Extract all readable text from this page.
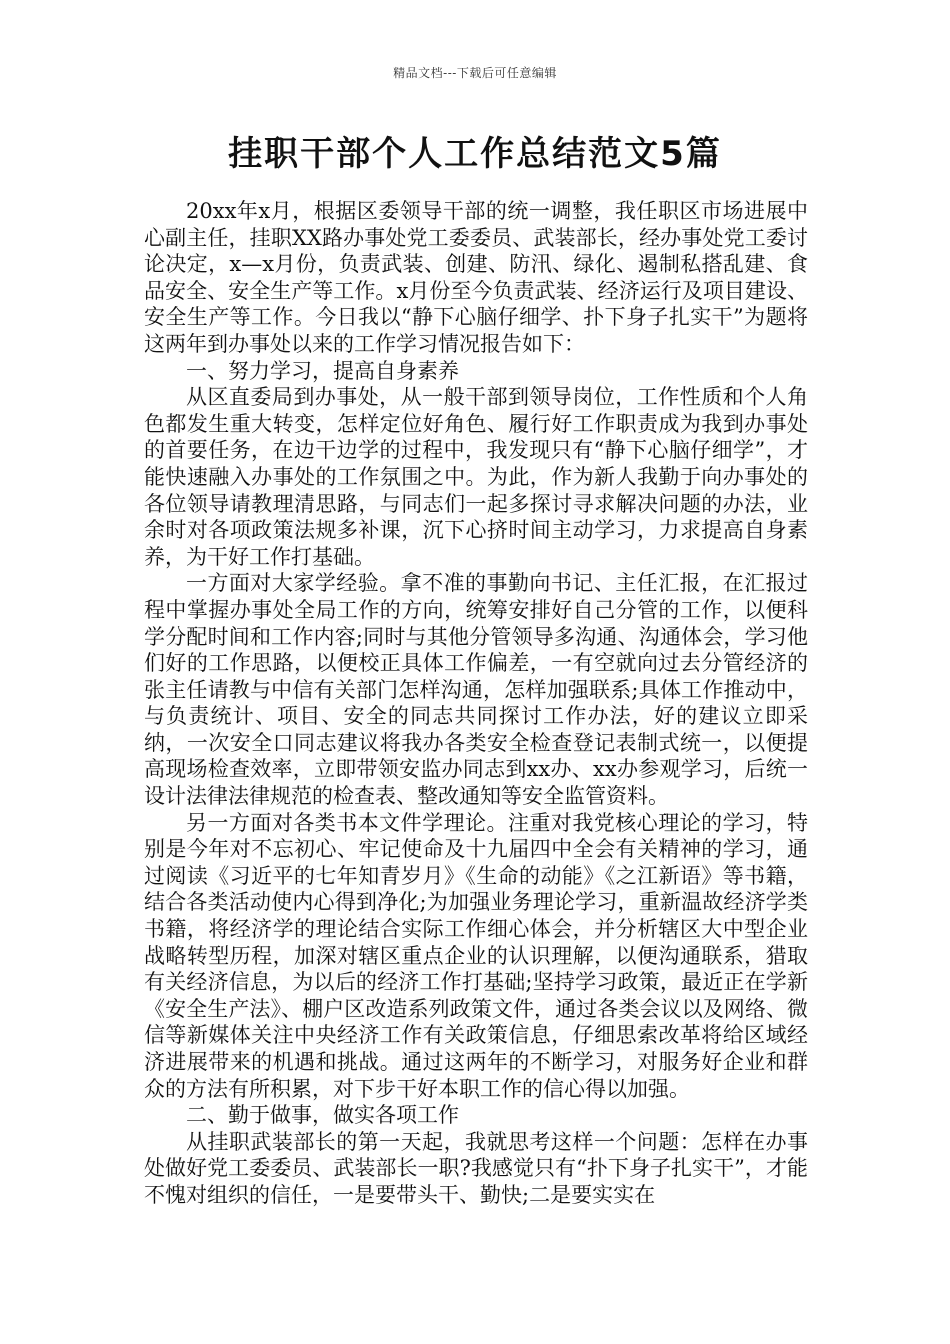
精品文档---下载后可任意编辑
挂职干部个人工作总结范文5篇

20xx年x月，根据区委领导干部的统一调整，我任职区市场进展中心副主任，挂职XX路办事处党工委委员、武装部长，经办事处党工委讨论决定，x—x月份，负责武装、创建、防汛、绿化、遏制私搭乱建、食品安全、安全生产等工作。x月份至今负责武装、经济运行及项目建设、安全生产等工作。今日我以“静下心脑仔细学、扑下身子扎实干”为题将这两年到办事处以来的工作学习情况报告如下：

一、努力学习，提高自身素养

从区直委局到办事处，从一般干部到领导岗位，工作性质和个人角色都发生重大转变，怎样定位好角色、履行好工作职责成为我到办事处的首要任务，在边干边学的过程中，我发现只有“静下心脑仔细学”，才能快速融入办事处的工作氛围之中。为此，作为新人我勤于向办事处的各位领导请教理清思路，与同志们一起多探讨寻求解决问题的办法，业余时对各项政策法规多补课，沉下心挤时间主动学习，力求提高自身素养，为干好工作打基础。

一方面对大家学经验。拿不准的事勤向书记、主任汇报，在汇报过程中掌握办事处全局工作的方向，统筹安排好自己分管的工作，以便科学分配时间和工作内容;同时与其他分管领导多沟通、沟通体会，学习他们好的工作思路，以便校正具体工作偏差，一有空就向过去分管经济的张主任请教与中信有关部门怎样沟通，怎样加强联系;具体工作推动中，与负责统计、项目、安全的同志共同探讨工作办法，好的建议立即采纳，一次安全口同志建议将我办各类安全检查登记表制式统一，以便提高现场检查效率，立即带领安监办同志到xx办、xx办参观学习，后统一设计法律法律规范的检查表、整改通知等安全监管资料。

另一方面对各类书本文件学理论。注重对我党核心理论的学习，特别是今年对不忘初心、牢记使命及十九届四中全会有关精神的学习，通过阅读《习近平的七年知青岁月》《生命的动能》《之江新语》等书籍，结合各类活动使内心得到净化;为加强业务理论学习，重新温故经济学类书籍，将经济学的理论结合实际工作细心体会，并分析辖区大中型企业战略转型历程，加深对辖区重点企业的认识理解，以便沟通联系，猎取有关经济信息，为以后的经济工作打基础;坚持学习政策，最近正在学新《安全生产法》、棚户区改造系列政策文件，通过各类会议以及网络、微信等新媒体关注中央经济工作有关政策信息，仔细思索改革将给区域经济进展带来的机遇和挑战。通过这两年的不断学习，对服务好企业和群众的方法有所积累，对下步干好本职工作的信心得以加强。

二、勤于做事，做实各项工作

从挂职武装部长的第一天起，我就思考这样一个问题：怎样在办事处做好党工委委员、武装部长一职?我感觉只有“扑下身子扎实干”，才能不愧对组织的信任，一是要带头干、勤快;二是要实实在
